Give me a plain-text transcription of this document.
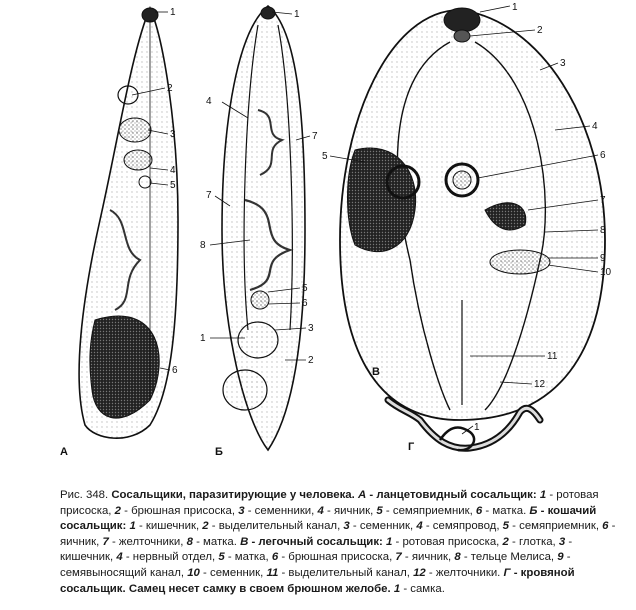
А
1
2
3
4
5
6
Б
1
2
3
4
5
6
7
7
8
1
В
1
2
3
4
6
5
7
8
9
10
11
12
Г
1
Рис. 348. Сосальщики, паразитирующие у человека. А - ланцетовидный сосальщик: 1 - ротовая присоска, 2 - брюшная присоска, 3 - семенники, 4 - яичник, 5 - семяприемник, 6 - матка. Б - кошачий сосальщик: 1 - кишечник, 2 - выделительный канал, 3 - семенник, 4 - семяпровод, 5 - семяприемник, 6 - яичник, 7 - желточники, 8 - матка. В - легочный сосальщик: 1 - ротовая присоска, 2 - глотка, 3 - кишечник, 4 - нервный отдел, 5 - матка, 6 - брюшная присоска, 7 - яичник, 8 - тельце Мелиса, 9 - семявыносящий канал, 10 - семенник, 11 - выделительный канал, 12 - желточники. Г - кровяной сосальщик. Самец несет самку в своем брюшном желобе. 1 - самка.
